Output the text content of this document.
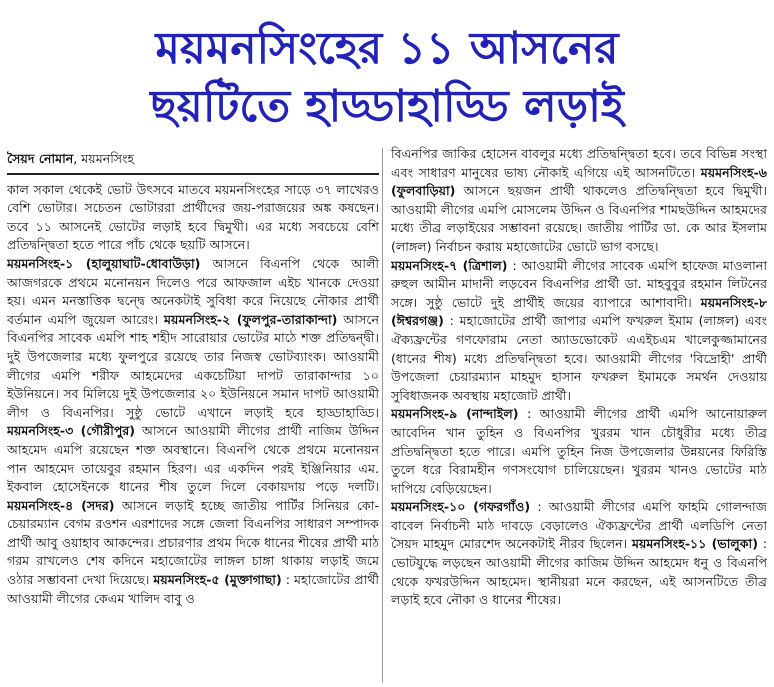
ময়মনসিংহের ১১ আসনের
ছয়টিতে হাড্ডাহাড্ডি লড়াই
সৈয়দ নোমান, ময়মনসিংহ

কাল সকাল থেকেই ভোট উৎসবে মাতবে ময়মনসিংহের সাড়ে ৩৭ লাখেরও বেশি ভোটার। সচেতন ভোটাররা প্রার্থীদের জয়-পরাজয়ের অঙ্ক কষছেন। তবে ১১ আসনেই ভোটের লড়াই হবে দ্বিমুখী। এর মধ্যে সবচেয়ে বেশি প্রতিদ্বন্দ্বিতা হতে পারে পাঁচ থেকে ছয়টি আসনে।

ময়মনসিংহ-১ (হালুয়াঘাট-ধোবাউড়া) আসনে বিএনপি থেকে আলী আজগরকে প্রথমে মনোনয়ন দিলেও পরে আফজাল এইচ খানকে দেওয়া হয়। এমন মনস্তাত্তিক দ্বন্দ্বে অনেকটাই সুবিধা করে নিয়েছে নৌকার প্রার্থী বর্তমান এমপি জুয়েল আরেং। ময়মনসিংহ-২ (ফুলপুর-তারাকান্দা) আসনে বিএনপির সাবেক এমপি শাহ শহীদ সারোয়ার ভোটের মাঠে শক্ত প্রতিদ্বন্দ্বী। দুই উপজেলার মধ্যে ফুলপুরে রয়েছে তার নিজস্ব ভোটব্যাংক। আওয়ামী লীগের এমপি শরীফ আহমেদের একচেটিয়া দাপট তারাকান্দার ১০ ইউনিয়নে। সব মিলিয়ে দুই উপজেলার ২০ ইউনিয়নে সমান দাপট আওয়ামী লীগ ও বিএনপির। সুষ্ঠু ভোটে এখানে লড়াই হবে হাড্ডাহাড্ডি। ময়মনসিংহ-৩ (গৌরীপুর) আসনে আওয়ামী লীগের প্রার্থী নাজিম উদ্দিন আহমেদ এমপি রয়েছেন শক্ত অবস্থানে। বিএনপি থেকে প্রথমে মনোনয়ন পান আহমেদ তায়েবুর রহমান হিরণ। এর একদিন পরই ইঞ্জিনিয়ার এম. ইকবাল হোসেইনকে ধানের শীষ তুলে দিলে বেকায়দায় পড়ে দলটি। ময়মনসিংহ-৪ (সদর) আসনে লড়াই হচ্ছে জাতীয় পার্টির সিনিয়র কো-চেয়ারম্যান বেগম রওশন এরশাদের সঙ্গে জেলা বিএনপির সাধারণ সম্পাদক প্রার্থী আবু ওয়াহাব আকন্দের। প্রচারণার প্রথম দিকে ধানের শীষের প্রার্থী মাঠ গরম রাখলেও শেষ কদিনে মহাজোটের লাঙ্গল চাঙ্গা থাকায় লড়াই জমে ওঠার সম্ভাবনা দেখা দিয়েছে। ময়মনসিংহ-৫ (মুক্তাগাছা) : মহাজোটের প্রার্থী আওয়ামী লীগের কেএম খালিদ বাবু ও

বিএনপির জাকির হোসেন বাবলুর মধ্যে প্রতিদ্বন্দ্বিতা হবে। তবে বিভিন্ন সংস্থা এবং সাধারণ মানুষের ভাষ্য নৌকাই এগিয়ে এই আসনটিতে। ময়মনসিংহ-৬ (ফুলবাড়িয়া) আসনে ছয়জন প্রার্থী থাকলেও প্রতিদ্বন্দ্বিতা হবে দ্বিমুখী। আওয়ামী লীগের এমপি মোসলেম উদ্দিন ও বিএনপির শামছউদ্দিন আহমদের মধ্যে তীব্র লড়াইয়ের সম্ভাবনা রয়েছে। জাতীয় পার্টির ডা. কে আর ইসলাম (লাঙ্গল) নির্বাচন করায় মহাজোটের ভোটে ভাগ বসছে।

ময়মনসিংহ-৭ (ত্রিশাল) : আওয়ামী লীগের সাবেক এমপি হাফেজ মাওলানা রুহুল আমীন মাদানী লড়বেন বিএনপির প্রার্থী ডা. মাহবুবুর রহমান লিটনের সঙ্গে। সুষ্ঠু ভোটে দুই প্রার্থীই জয়ের ব্যাপারে আশাবাদী। ময়মনসিংহ-৮ (ঈশ্বরগঞ্জ) : মহাজোটের প্রার্থী জাপার এমপি ফখরুল ইমাম (লাঙ্গল) এবং ঐক্যফ্রন্টের গণফোরাম নেতা অ্যাডভোকেট এএইচএম খালেকুজ্জামানের (ধানের শীষ) মধ্যে প্রতিদ্বন্দ্বিতা হবে। আওয়ামী লীগের 'বিদ্রোহী' প্রার্থী উপজেলা চেয়ারম্যান মাহমুদ হাসান ফখরুল ইমামকে সমর্থন দেওয়ায় সুবিধাজনক অবস্থায় মহাজোট প্রার্থী।

ময়মনসিংহ-৯ (নান্দাইল) : আওয়ামী লীগের প্রার্থী এমপি আনোয়ারুল আবেদিন খান তুহিন ও বিএনপির খুররম খান চৌধুরীর মধ্যে তীব্র প্রতিদ্বন্দ্বিতা হতে পারে। এমপি তুহিন নিজ উপজেলার উন্নয়নের ফিরিস্তি তুলে ধরে বিরামহীন গণসংযোগ চালিয়েছেন। খুররম খানও ভোটের মাঠ দাপিয়ে বেড়িয়েছেন।

ময়মনসিংহ-১০ (গফরগাঁও) : আওয়ামী লীগের এমপি ফাহমি গোলন্দাজ বাবেল নির্বাচনী মাঠ দাবড়ে বেড়ালেও ঐক্যফ্রন্টের প্রার্থী এলডিপি নেতা সৈয়দ মাহমুদ মোরশেদ অনেকটাই নীরব ছিলেন। ময়মনসিংহ-১১ (ভালুকা) : ভোটযুদ্ধে লড়ছেন আওয়ামী লীগের কাজিম উদ্দিন আহমেদ ধনু ও বিএনপি থেকে ফখরউদ্দিন আহমেদ। স্থানীয়রা মনে করছেন, এই আসনটিতে তীব্র লড়াই হবে নৌকা ও ধানের শীষের।
